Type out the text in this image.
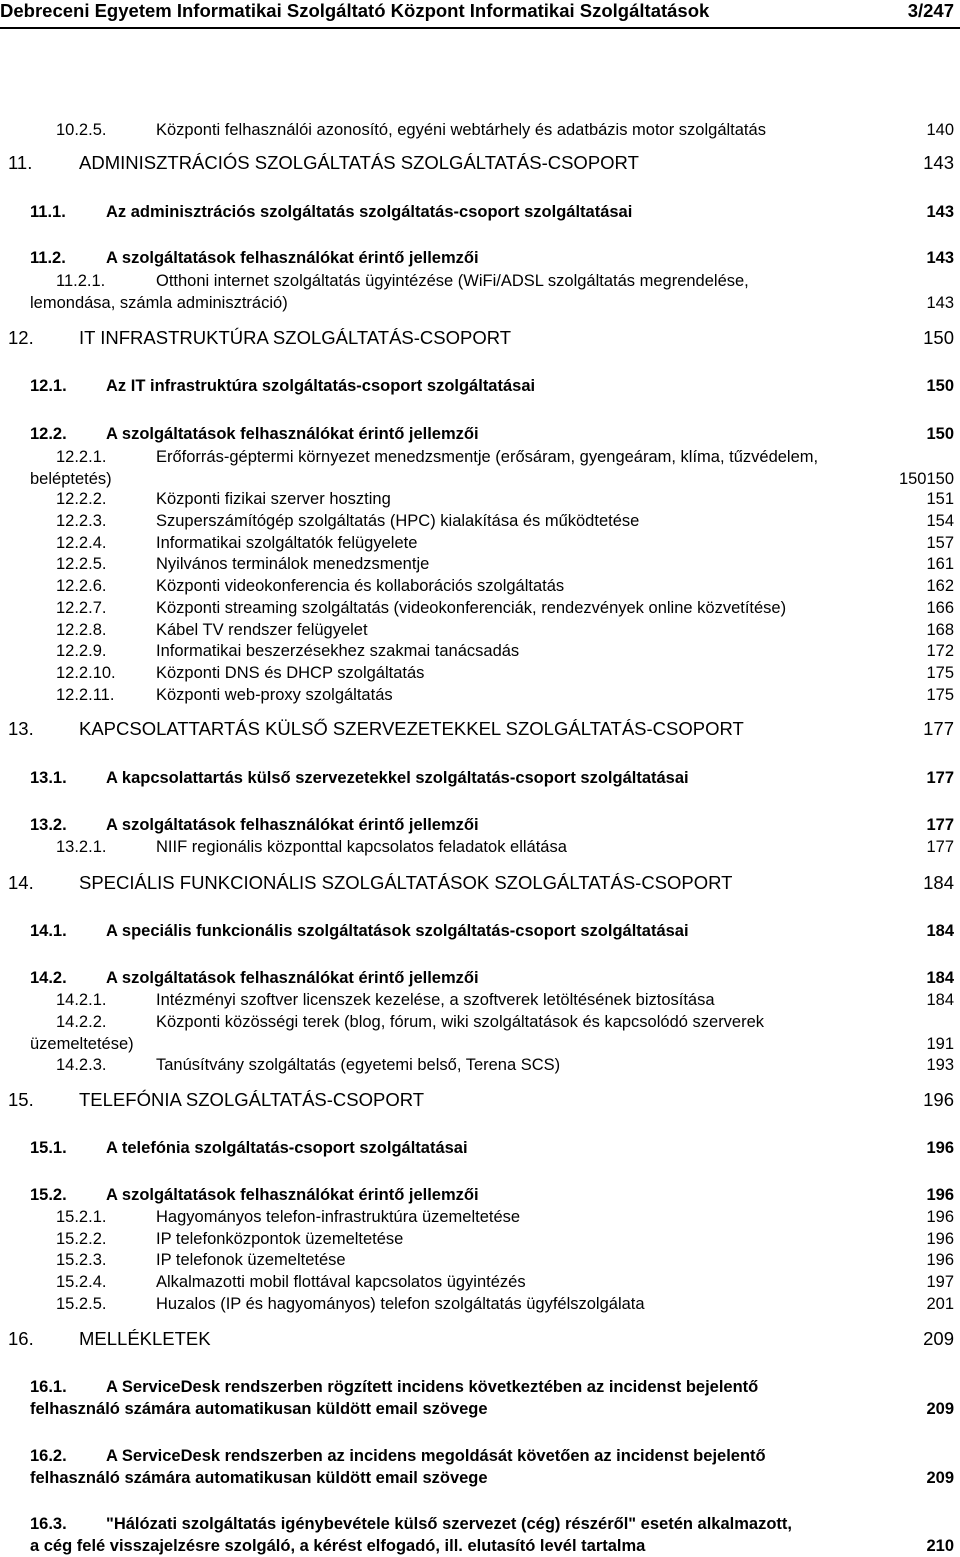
Debreceni Egyetem Informatikai Szolgáltató Központ Informatikai Szolgáltatások	3/247
10.2.5.	Központi felhasználói azonosító, egyéni webtárhely és adatbázis motor szolgáltatás	140
11.	ADMINISZTRÁCIÓS SZOLGÁLTATÁS SZOLGÁLTATÁS-CSOPORT	143
11.1. Az adminisztrációs szolgáltatás szolgáltatás-csoport szolgáltatásai	143
11.2. A szolgáltatások felhasználókat érintő jellemzői	143
11.2.1.	Otthoni internet szolgáltatás ügyintézése (WiFi/ADSL szolgáltatás megrendelése,
lemondása, számla adminisztráció)	143
12. IT INFRASTRUKTÚRA SZOLGÁLTATÁS-CSOPORT	150
12.1. Az IT infrastruktúra szolgáltatás-csoport szolgáltatásai	150
12.2. A szolgáltatások felhasználókat érintő jellemzői	150
12.2.1.	Erőforrás-géptermi környezet menedzsmentje (erősáram, gyengeáram, klíma, tűzvédelem,
beléptetés)	150150
12.2.2.	Központi fizikai szerver hoszting	151
12.2.3.	Szuperszámítógép szolgáltatás (HPC) kialakítása és működtetése	154
12.2.4.	Informatikai szolgáltatók felügyelete	157
12.2.5.	Nyilvános terminálok menedzsmentje	161
12.2.6.	Központi videokonferencia és kollaborációs szolgáltatás	162
12.2.7.	Központi streaming szolgáltatás (videokonferenciák, rendezvények online közvetítése)	166
12.2.8.	Kábel TV rendszer felügyelet	168
12.2.9.	Informatikai beszerzésekhez szakmai tanácsadás	172
12.2.10. Központi DNS és DHCP szolgáltatás	175
12.2.11.	Központi web-proxy szolgáltatás	175
13. KAPCSOLATTARTÁS KÜLSŐ SZERVEZETEKKEL SZOLGÁLTATÁS-CSOPORT	177
13.1. A kapcsolattartás külső szervezetekkel szolgáltatás-csoport szolgáltatásai	177
13.2. A szolgáltatások felhasználókat érintő jellemzői	177
13.2.1.	NIIF regionális központtal kapcsolatos feladatok ellátása	177
14. SPECIÁLIS FUNKCIONÁLIS SZOLGÁLTATÁSOK SZOLGÁLTATÁS-CSOPORT	184
14.1. A speciális funkcionális szolgáltatások szolgáltatás-csoport szolgáltatásai	184
14.2. A szolgáltatások felhasználókat érintő jellemzői	184
14.2.1.	Intézményi szoftver licenszek kezelése, a szoftverek letöltésének biztosítása	184
14.2.2.	Központi közösségi terek (blog, fórum, wiki szolgáltatások és kapcsolódó szerverek
üzemeltetése)	191
14.2.3.	Tanúsítvány szolgáltatás (egyetemi belső, Terena SCS)	193
15. TELEFÓNIA SZOLGÁLTATÁS-CSOPORT	196
15.1. A telefónia szolgáltatás-csoport szolgáltatásai	196
15.2. A szolgáltatások felhasználókat érintő jellemzői	196
15.2.1.	Hagyományos telefon-infrastruktúra üzemeltetése	196
15.2.2.	IP telefonközpontok üzemeltetése	196
15.2.3.	IP telefonok üzemeltetése	196
15.2.4.	Alkalmazotti mobil flottával kapcsolatos ügyintézés	197
15.2.5.	Huzalos (IP és hagyományos) telefon szolgáltatás ügyfélszolgálata	201
16. MELLÉKLETEK	209
16.1. A ServiceDesk rendszerben rögzített incidens következtében az incidenst bejelentő
felhasználó számára automatikusan küldött email szövege	209
16.2. A ServiceDesk rendszerben az incidens megoldását követően az incidenst bejelentő
felhasználó számára automatikusan küldött email szövege	209
16.3. "Hálózati szolgáltatás igénybevétele külső szervezet (cég) részéről" esetén alkalmazott,
a cég felé visszajelzésre szolgáló, a kérést elfogadó, ill. elutasító levél tartalma	210
